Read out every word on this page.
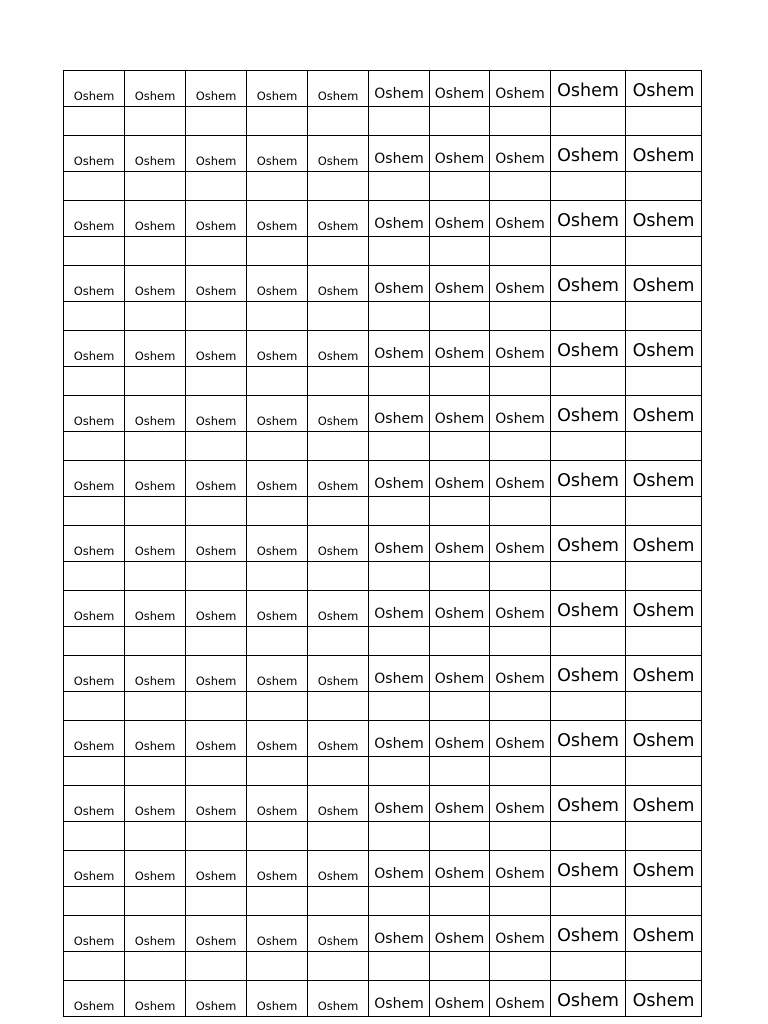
Oshem	Oshem	Oshem	Oshem	Oshem	Oshem	Oshem	Oshem	Oshem	Oshem

Oshem	Oshem	Oshem	Oshem	Oshem	Oshem	Oshem	Oshem	Oshem	Oshem

Oshem	Oshem	Oshem	Oshem	Oshem	Oshem	Oshem	Oshem	Oshem	Oshem

Oshem	Oshem	Oshem	Oshem	Oshem	Oshem	Oshem	Oshem	Oshem	Oshem

Oshem	Oshem	Oshem	Oshem	Oshem	Oshem	Oshem	Oshem	Oshem	Oshem

Oshem	Oshem	Oshem	Oshem	Oshem	Oshem	Oshem	Oshem	Oshem	Oshem

Oshem	Oshem	Oshem	Oshem	Oshem	Oshem	Oshem	Oshem	Oshem	Oshem

Oshem	Oshem	Oshem	Oshem	Oshem	Oshem	Oshem	Oshem	Oshem	Oshem

Oshem	Oshem	Oshem	Oshem	Oshem	Oshem	Oshem	Oshem	Oshem	Oshem

Oshem	Oshem	Oshem	Oshem	Oshem	Oshem	Oshem	Oshem	Oshem	Oshem

Oshem	Oshem	Oshem	Oshem	Oshem	Oshem	Oshem	Oshem	Oshem	Oshem

Oshem	Oshem	Oshem	Oshem	Oshem	Oshem	Oshem	Oshem	Oshem	Oshem

Oshem	Oshem	Oshem	Oshem	Oshem	Oshem	Oshem	Oshem	Oshem	Oshem

Oshem	Oshem	Oshem	Oshem	Oshem	Oshem	Oshem	Oshem	Oshem	Oshem

Oshem	Oshem	Oshem	Oshem	Oshem	Oshem	Oshem	Oshem	Oshem	Oshem
